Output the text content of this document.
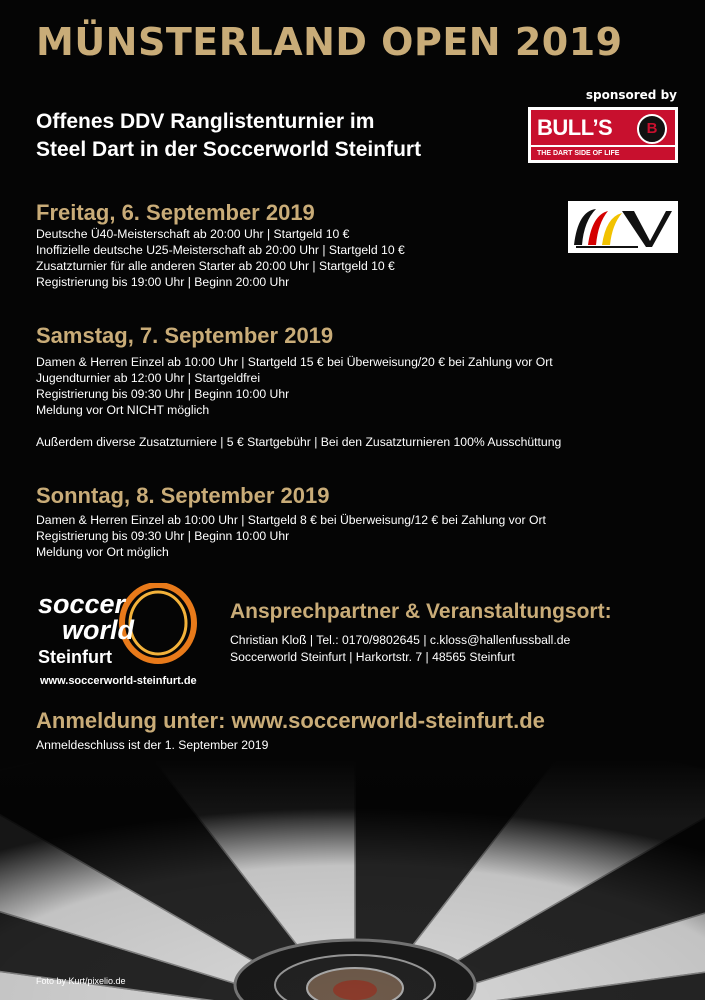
MÜNSTERLAND OPEN 2019
sponsored by
BULL’S	B
THE DART SIDE OF LIFE
Offenes DDV Ranglistenturnier im
Steel Dart in der Soccerworld Steinfurt
Freitag, 6. September 2019
Deutsche Ü40-Meisterschaft ab 20:00 Uhr | Startgeld 10 €
Inoffizielle deutsche U25-Meisterschaft ab 20:00 Uhr | Startgeld 10 €
Zusatzturnier für alle anderen Starter ab 20:00 Uhr | Startgeld 10 €
Registrierung bis 19:00 Uhr | Beginn 20:00 Uhr
Samstag, 7. September 2019
Damen & Herren Einzel ab 10:00 Uhr | Startgeld 15 € bei Überweisung/20 € bei Zahlung vor Ort
Jugendturnier ab 12:00 Uhr | Startgeldfrei
Registrierung bis 09:30 Uhr | Beginn 10:00 Uhr
Meldung vor Ort NICHT möglich
Außerdem diverse Zusatzturniere | 5 € Startgebühr | Bei den Zusatzturnieren 100% Ausschüttung
Sonntag, 8. September 2019
Damen & Herren Einzel ab 10:00 Uhr | Startgeld 8 € bei Überweisung/12 € bei Zahlung vor Ort
Registrierung bis 09:30 Uhr | Beginn 10:00 Uhr
Meldung vor Ort möglich
soccer
world
Steinfurt
www.soccerworld-steinfurt.de
Ansprechpartner & Veranstaltungsort:
Christian Kloß | Tel.: 0170/9802645 | c.kloss@hallenfussball.de
Soccerworld Steinfurt | Harkortstr. 7 | 48565 Steinfurt
Anmeldung unter: www.soccerworld-steinfurt.de
Anmeldeschluss ist der 1. September 2019
Foto by Kurt/pixelio.de
